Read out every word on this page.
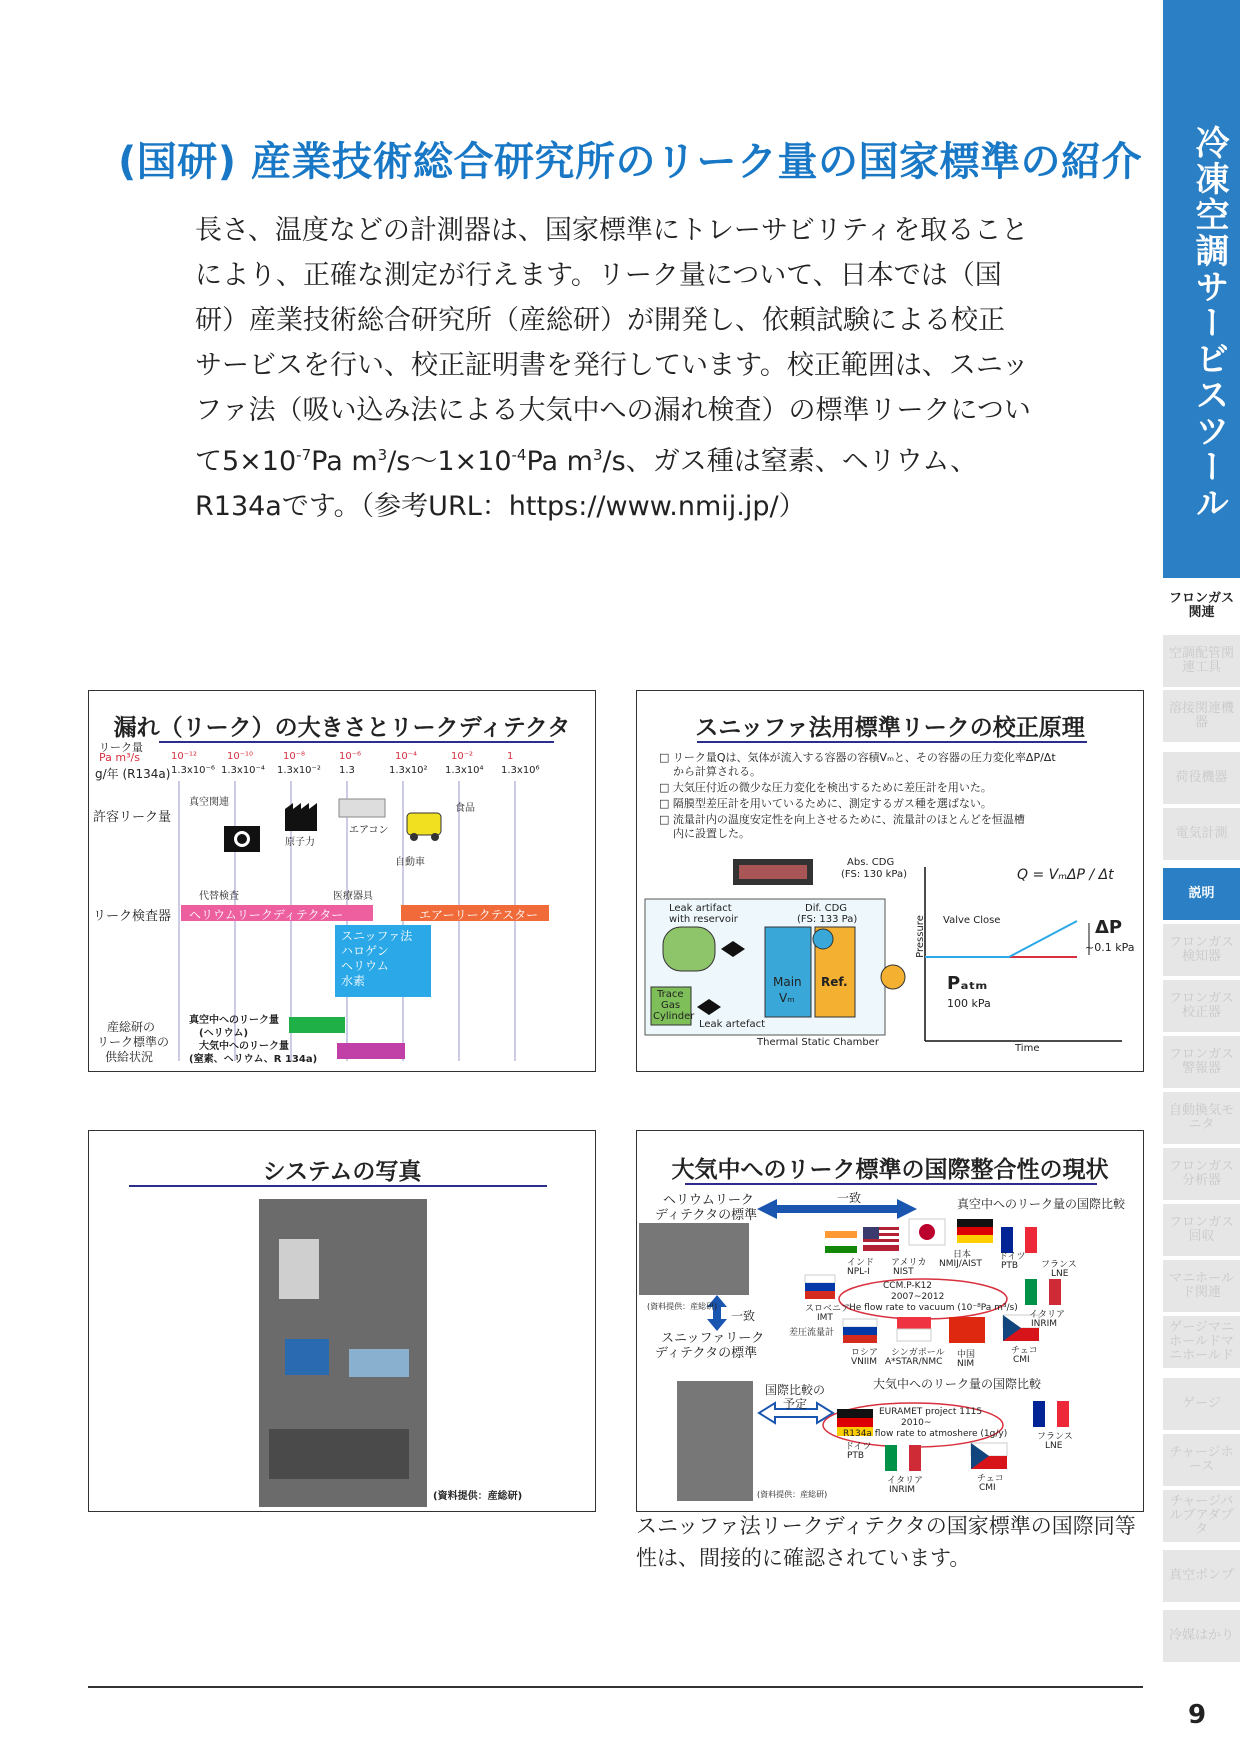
(国研) 産業技術総合研究所のリーク量の国家標準の紹介
長さ、温度などの計測器は、国家標準にトレーサビリティを取ること
により、正確な測定が行えます。リーク量について、日本では（国
研）産業技術総合研究所（産総研）が開発し、依頼試験による校正
サービスを行い、校正証明書を発行しています。校正範囲は、スニッ
ファ法（吸い込み法による大気中への漏れ検査）の標準リークについ
て$5\times 10^{-7}Pa$ $m^3/s\sim 1\times 10^{-4}Pa$ $m^3/s$、ガス種は窒素、ヘリウム、
R134aです。（参考URL：https://www.nmij.jp/）	冷凍空調サービスツール
フロンガス関連
空調配管関連工具
溶接関連機器
荷役機器
電気計測
説明
フロンガス検知器
フロンガス校正器
フロンガス警報器
自動換気モニタ
フロンガス分析器
フロンガス回収
マニホールド関連
ゲージマニホールドマニホールド
ゲージ
チャージホース
チャージバルブアダプタ
真空ポンプ
冷媒はかり
漏れ（リーク）の大きさとリークディテクタ
リーク量
Pa m³/s
g/年 (R134a)
10⁻¹²	10⁻¹⁰	10⁻⁸	10⁻⁶	10⁻⁴	10⁻²	1
1.3x10⁻⁶ 1.3x10⁻⁴ 1.3x10⁻² 1.3	1.3x10² 1.3x10⁴ 1.3x10⁶
許容リーク量
真空関連
原子力
エアコン
食品
自動車
代替検査	医療器具
リーク検査器 ヘリウムリークディテクター	エアーリークテスター
スニッファ法
ハロゲン
ヘリウム
水素
産総研の
リーク標準の
供給状況
真空中へのリーク量
(ヘリウム)
大気中へのリーク量
(窒素、ヘリウム、R 134a)
スニッファ法用標準リークの校正原理
□ リーク量Qは、気体が流入する容器の容積Vₘと、その容器の圧力変化率ΔP/Δt
から計算される。
□ 大気圧付近の微少な圧力変化を検出するために差圧計を用いた。
□ 隔膜型差圧計を用いているために、測定するガス種を選ばない。
□ 流量計内の温度安定性を向上させるために、流量計のほとんどを恒温槽
内に設置した。
Abs. CDG
(FS: 130 kPa)
Leak artifact
with reservoir
Dif. CDG
(FS: 133 Pa)
Main
Vₘ
Ref.
Trace
Gas
Cylinder
Leak artefact
Thermal Static Chamber
Q = VₘΔP / Δt
Valve Close	ΔP
~0.1 kPa
Pₐₜₘ
100 kPa
Pressure
Time
システムの写真
(資料提供：産総研)
大気中へのリーク標準の国際整合性の現状
ヘリウムリーク
ディテクタの標準
一致	真空中へのリーク量の国際比較
インド
NPL-I
アメリカ
NIST
日本
NMIJ/AIST
ドイツ
PTB	フランス
LNE
CCM.P-K12
2007~2012
He flow rate to vacuum (10⁻⁸Pa m³/s)
スロベニア
IMT	イタリア
INRIM
(資料提供：産総研)
一致
差圧流量計
スニッファリーク
ディテクタの標準	ロシア
VNIIM
シンガポール
A*STAR/NMC
中国
NIM
チェコ
CMI
大気中へのリーク量の国際比較
国際比較の
予定
EURAMET project 1115
2010~
R134a flow rate to atmoshere (1g/y)
ドイツ
PTB
フランス
LNE
イタリア
INRIM
チェコ
CMI
(資料提供：産総研)
スニッファ法リークディテクタの国家標準の国際同等
性は、間接的に確認されています。
9
